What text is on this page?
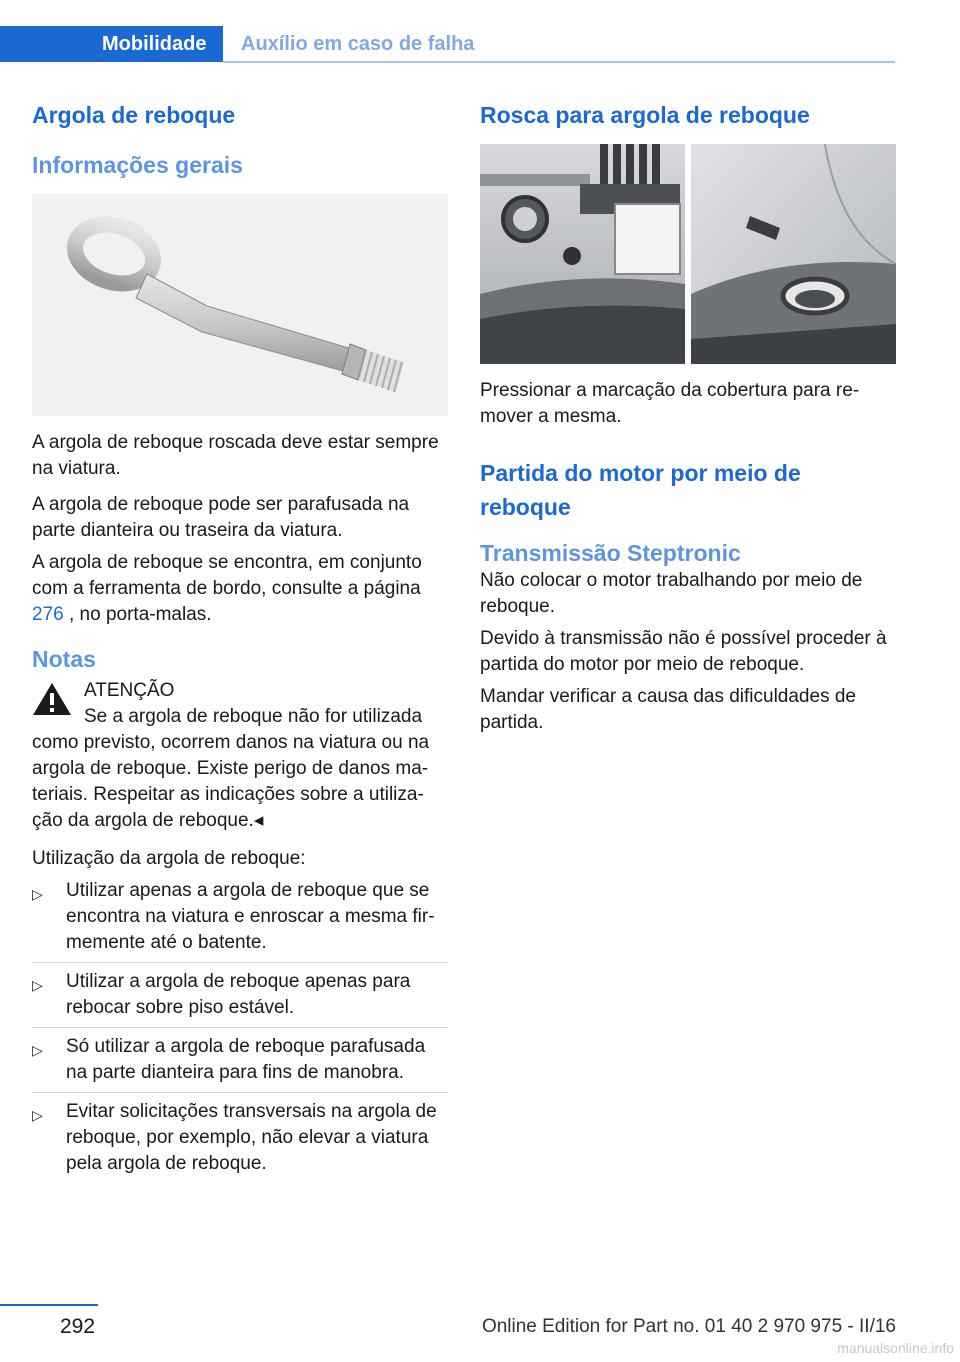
Mobilidade	Auxílio em caso de falha
Argola de reboque
Informações gerais

A argola de reboque roscada deve estar sempre na viatura.

A argola de reboque pode ser parafusada na parte dianteira ou traseira da viatura.

A argola de reboque se encontra, em conjunto com a ferramenta de bordo, consulte a página
276 , no porta-malas.

Notas

ATENÇÃO

Se a argola de reboque não for utilizada como previsto, ocorrem danos na viatura ou na argola de reboque. Existe perigo de danos materiais. Respeitar as indicações sobre a utilização da argola de reboque.◂

Utilização da argola de reboque:

▷ Utilizar apenas a argola de reboque que se encontra na viatura e enroscar a mesma firmemente até o batente.
▷ Utilizar a argola de reboque apenas para rebocar sobre piso estável.
▷ Só utilizar a argola de reboque parafusada na parte dianteira para fins de manobra.
▷ Evitar solicitações transversais na argola de reboque, por exemplo, não elevar a viatura pela argola de reboque.
Rosca para argola de reboque

Pressionar a marcação da cobertura para remover a mesma.

Partida do motor por meio de reboque
Transmissão Steptronic

Não colocar o motor trabalhando por meio de reboque.

Devido à transmissão não é possível proceder à partida do motor por meio de reboque.

Mandar verificar a causa das dificuldades de partida.

292	Online Edition for Part no. 01 40 2 970 975 - II/16
manualsonline.info
